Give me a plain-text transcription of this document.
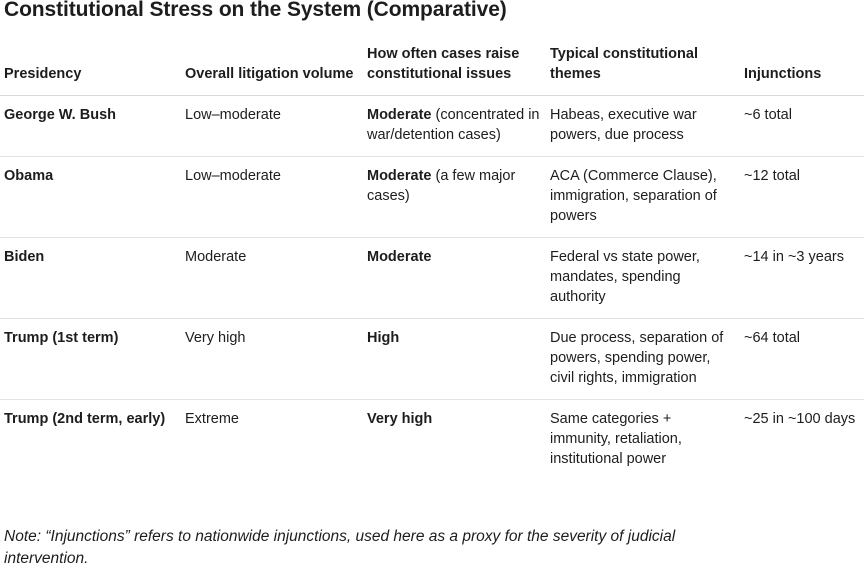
Constitutional Stress on the System (Comparative)
Presidency	Overall litigation volume	How often cases raise constitutional issues	Typical constitutional themes	Injunctions
George W. Bush	Low–moderate	Moderate (concentrated in war/detention cases)	Habeas, executive war powers, due process	~6 total
Obama	Low–moderate	Moderate (a few major cases)	ACA (Commerce Clause), immigration, separation of powers	~12 total
Biden	Moderate	Moderate	Federal vs state power, mandates, spending authority	~14 in ~3 years
Trump (1st term)	Very high	High	Due process, separation of powers, spending power, civil rights, immigration	~64 total
Trump (2nd term, early)	Extreme	Very high	Same categories + immunity, retaliation, institutional power	~25 in ~100 days

Note: “Injunctions” refers to nationwide injunctions, used here as a proxy for the severity of judicial intervention.
